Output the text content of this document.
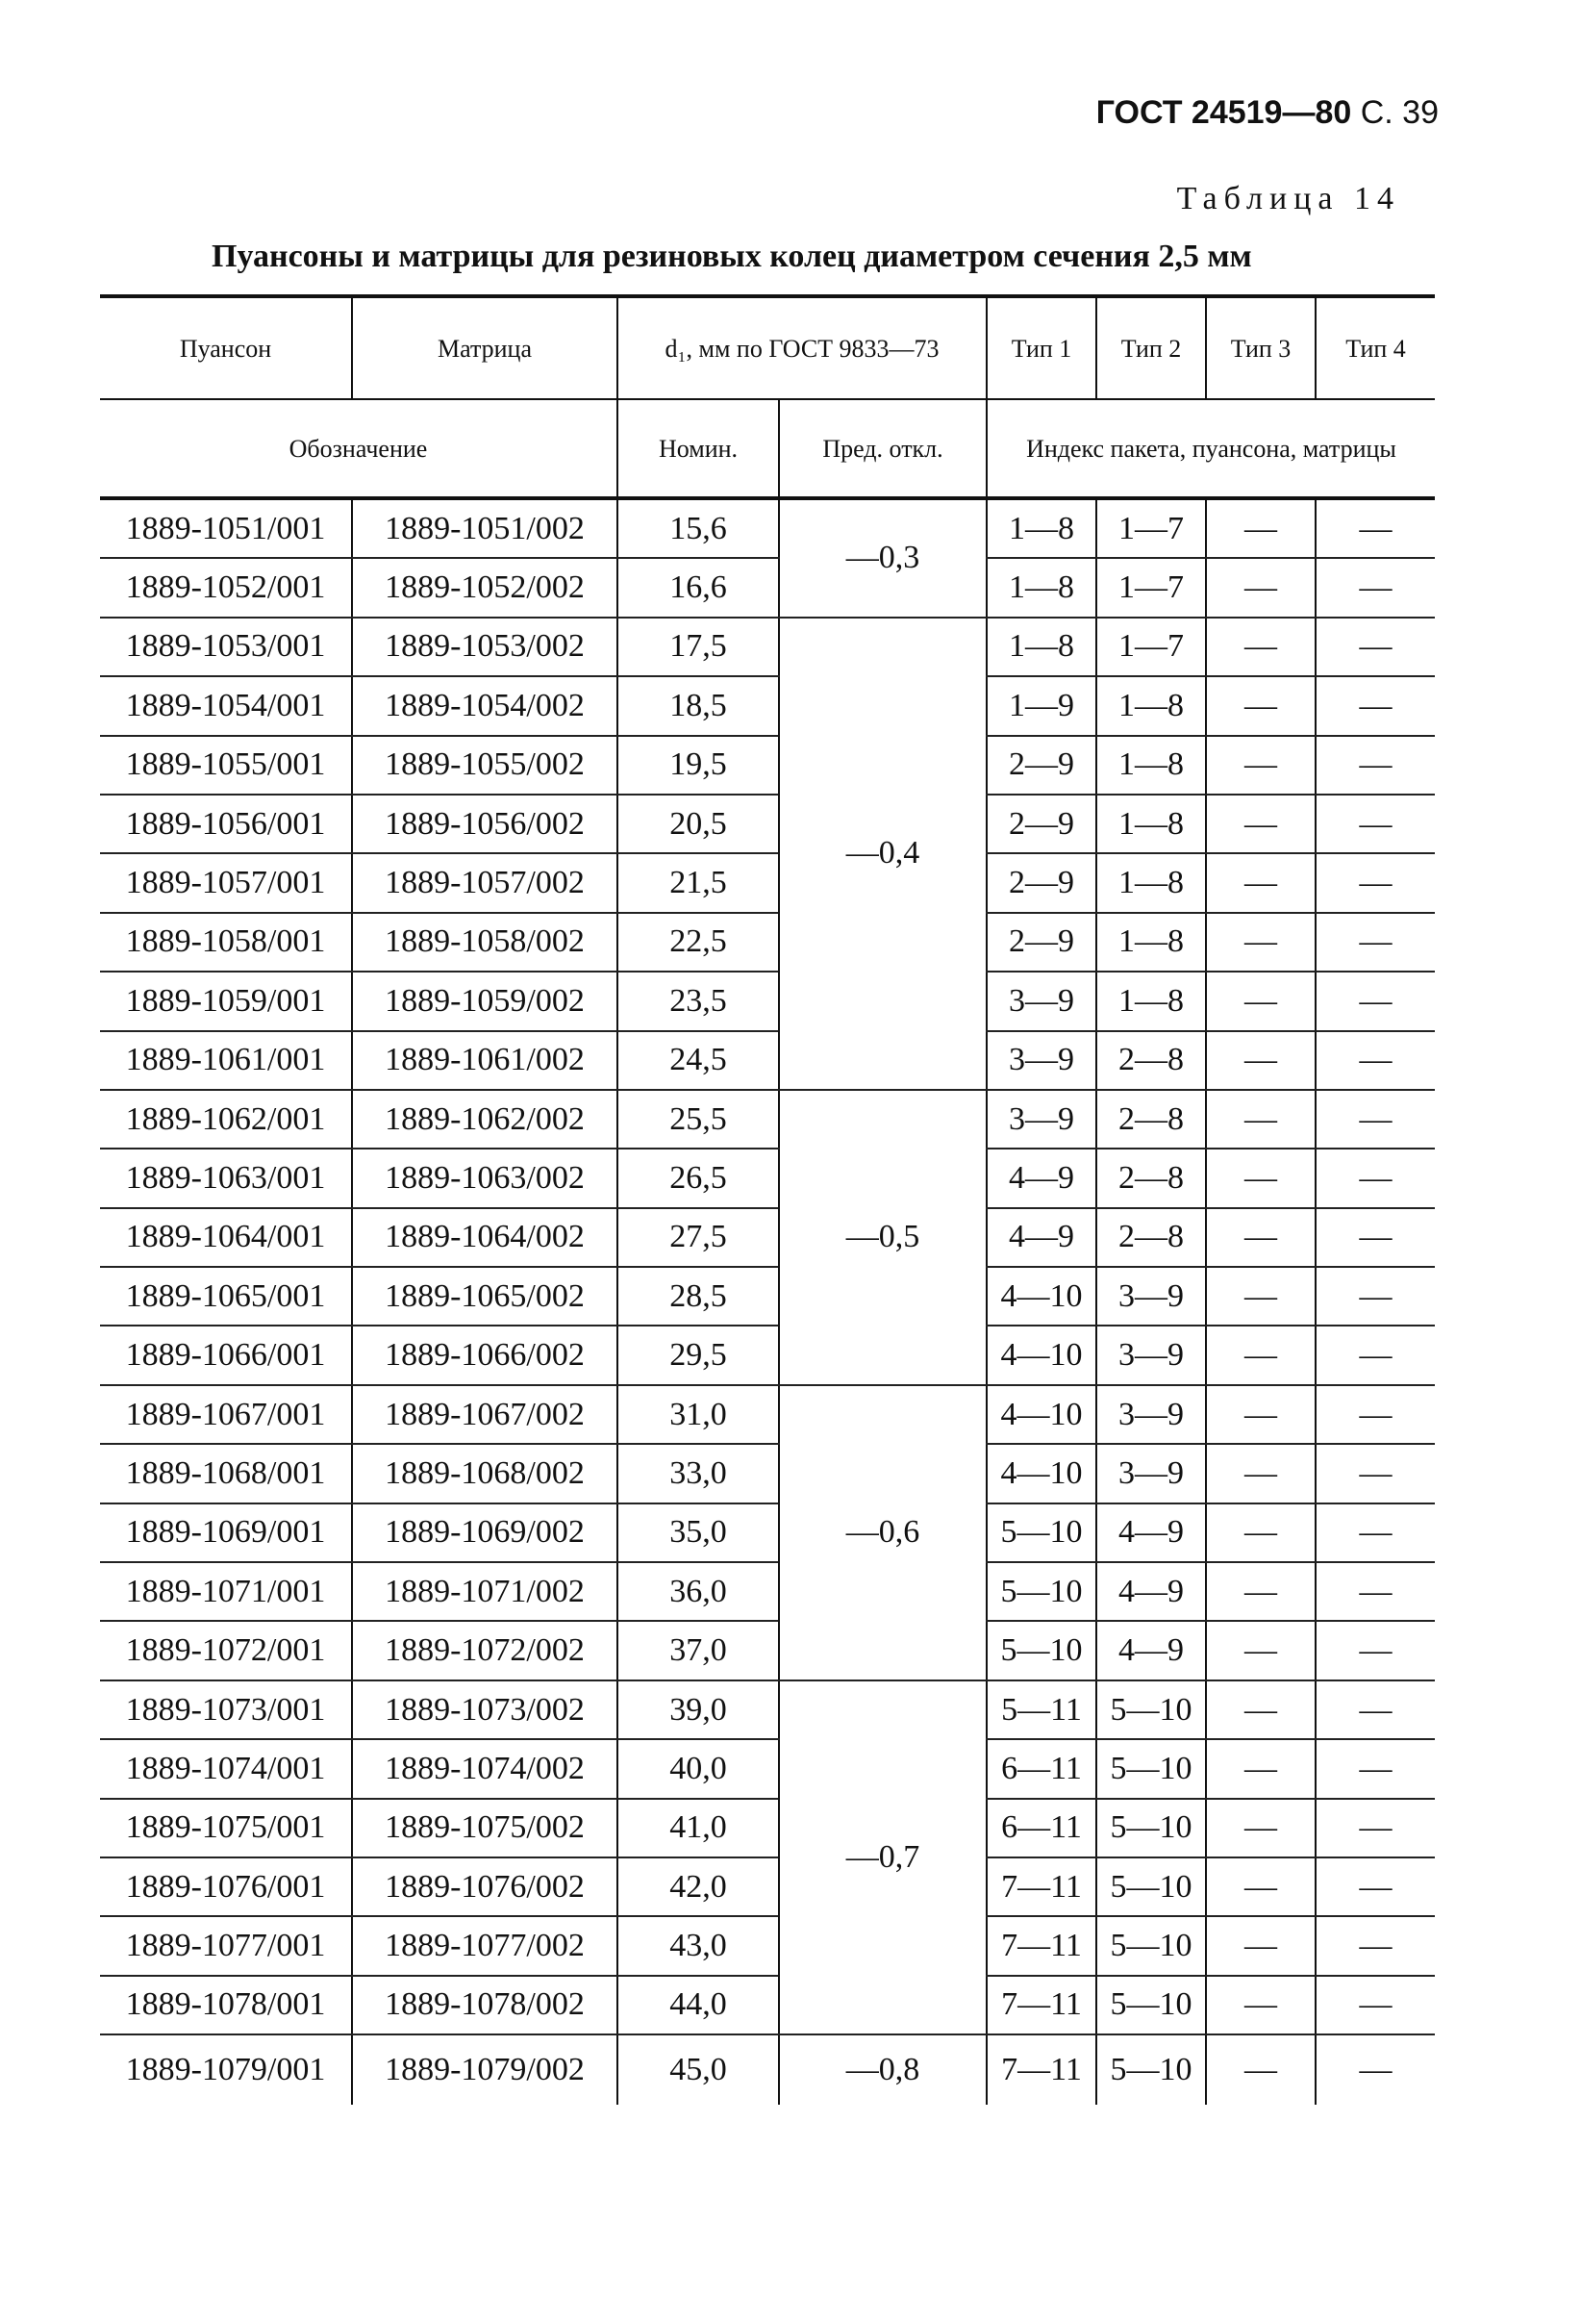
ГОСТ 24519—80 С. 39
Таблица 14
Пуансоны и матрицы для резиновых колец диаметром сечения 2,5 мм
Пуансон	Матрица	d₁, мм по ГОСТ 9833—73		Тип 1	Тип 2	Тип 3	Тип 4
Обозначение		Номин.	Пред. откл.	Индекс пакета, пуансона, матрицы			
1889-1051/001	1889-1051/002	15,6	—0,3	1—8	1—7	—	—
1889-1052/001	1889-1052/002	16,6		1—8	1—7	—	—
1889-1053/001	1889-1053/002	17,5	—0,4	1—8	1—7	—	—
1889-1054/001	1889-1054/002	18,5		1—9	1—8	—	—
1889-1055/001	1889-1055/002	19,5		2—9	1—8	—	—
1889-1056/001	1889-1056/002	20,5		2—9	1—8	—	—
1889-1057/001	1889-1057/002	21,5		2—9	1—8	—	—
1889-1058/001	1889-1058/002	22,5		2—9	1—8	—	—
1889-1059/001	1889-1059/002	23,5		3—9	1—8	—	—
1889-1061/001	1889-1061/002	24,5		3—9	2—8	—	—
1889-1062/001	1889-1062/002	25,5	—0,5	3—9	2—8	—	—
1889-1063/001	1889-1063/002	26,5		4—9	2—8	—	—
1889-1064/001	1889-1064/002	27,5		4—9	2—8	—	—
1889-1065/001	1889-1065/002	28,5		4—10	3—9	—	—
1889-1066/001	1889-1066/002	29,5		4—10	3—9	—	—
1889-1067/001	1889-1067/002	31,0	—0,6	4—10	3—9	—	—
1889-1068/001	1889-1068/002	33,0		4—10	3—9	—	—
1889-1069/001	1889-1069/002	35,0		5—10	4—9	—	—
1889-1071/001	1889-1071/002	36,0		5—10	4—9	—	—
1889-1072/001	1889-1072/002	37,0		5—10	4—9	—	—
1889-1073/001	1889-1073/002	39,0	—0,7	5—11	5—10	—	—
1889-1074/001	1889-1074/002	40,0		6—11	5—10	—	—
1889-1075/001	1889-1075/002	41,0		6—11	5—10	—	—
1889-1076/001	1889-1076/002	42,0		7—11	5—10	—	—
1889-1077/001	1889-1077/002	43,0		7—11	5—10	—	—
1889-1078/001	1889-1078/002	44,0		7—11	5—10	—	—
1889-1079/001	1889-1079/002	45,0	—0,8	7—11	5—10	—	—
